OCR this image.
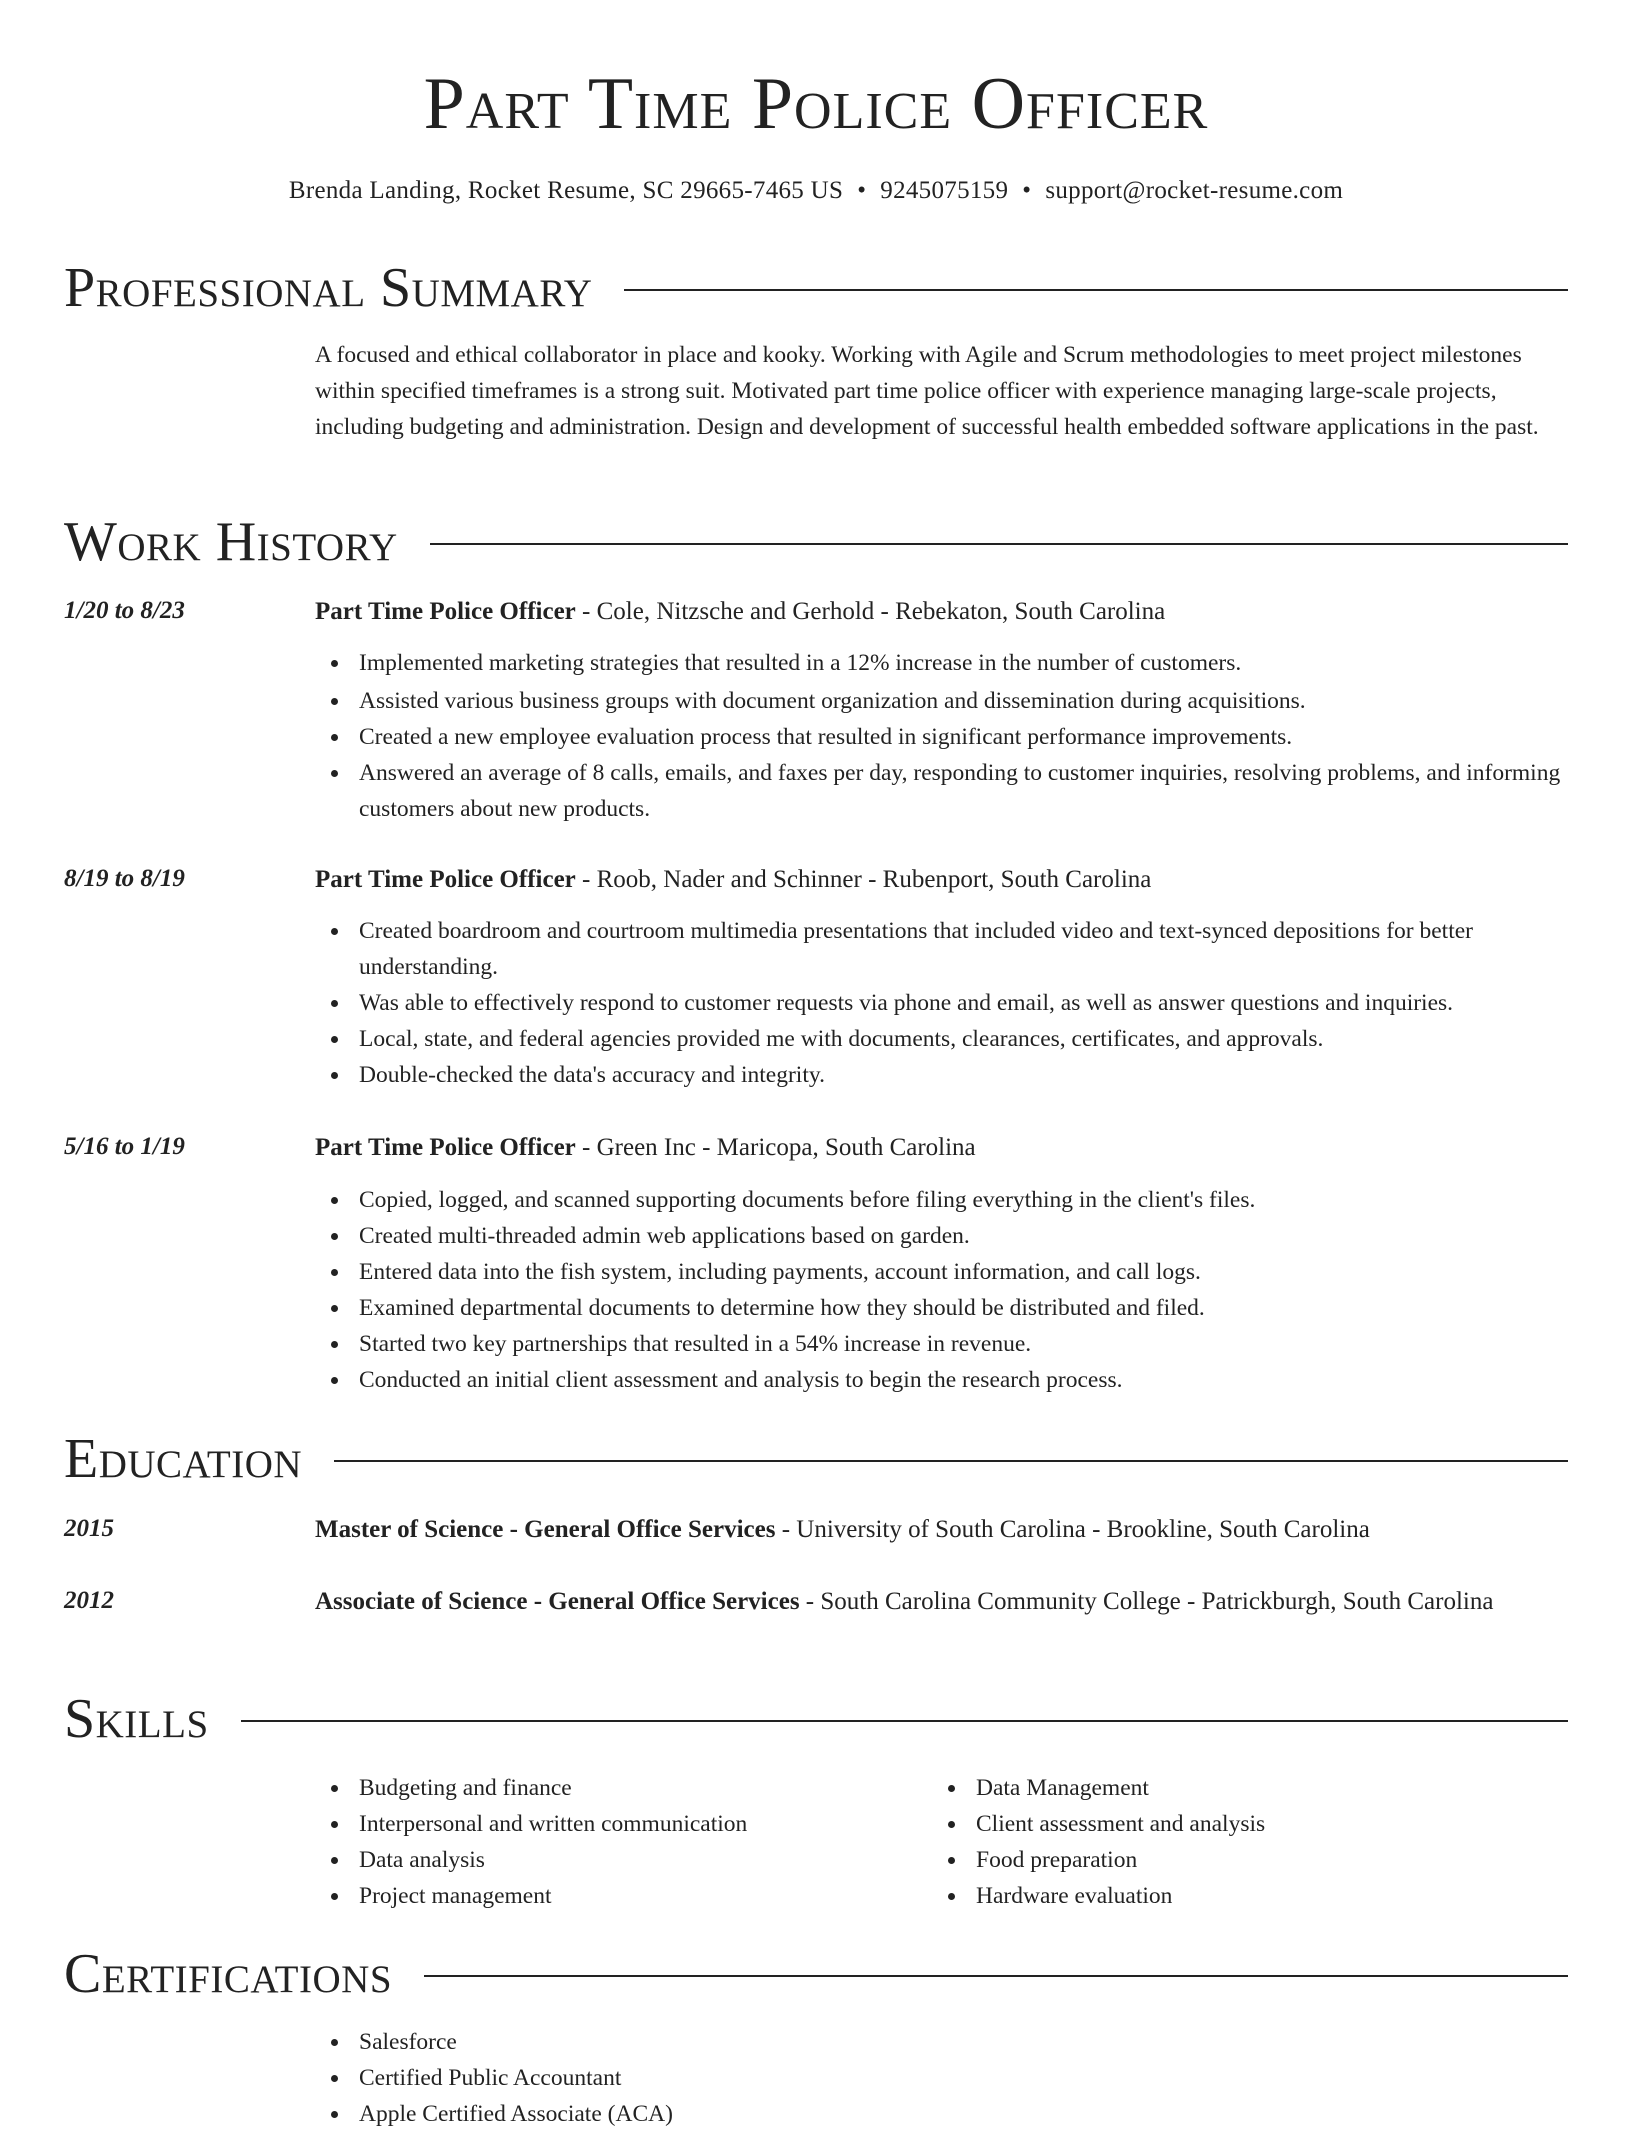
Part Time Police Officer
Brenda Landing, Rocket Resume, SC 29665-7465 US • 9245075159 • support@rocket-resume.com
Professional Summary

A focused and ethical collaborator in place and kooky. Working with Agile and Scrum methodologies to meet project milestones within specified timeframes is a strong suit. Motivated part time police officer with experience managing large-scale projects, including budgeting and administration. Design and development of successful health embedded software applications in the past.

Work History
1/20 to 8/23	Part Time Police Officer - Cole, Nitzsche and Gerhold - Rebekaton, South Carolina

Implemented marketing strategies that resulted in a 12% increase in the number of customers.
Assisted various business groups with document organization and dissemination during acquisitions.
Created a new employee evaluation process that resulted in significant performance improvements.
Answered an average of 8 calls, emails, and faxes per day, responding to customer inquiries, resolving problems, and informing customers about new products.
8/19 to 8/19	Part Time Police Officer - Roob, Nader and Schinner - Rubenport, South Carolina

Created boardroom and courtroom multimedia presentations that included video and text-synced depositions for better understanding.
Was able to effectively respond to customer requests via phone and email, as well as answer questions and inquiries.
Local, state, and federal agencies provided me with documents, clearances, certificates, and approvals.
Double-checked the data's accuracy and integrity.
5/16 to 1/19	Part Time Police Officer - Green Inc - Maricopa, South Carolina

Copied, logged, and scanned supporting documents before filing everything in the client's files.
Created multi-threaded admin web applications based on garden.
Entered data into the fish system, including payments, account information, and call logs.
Examined departmental documents to determine how they should be distributed and filed.
Started two key partnerships that resulted in a 54% increase in revenue.
Conducted an initial client assessment and analysis to begin the research process.
Education
2015	Master of Science - General Office Services - University of South Carolina - Brookline, South Carolina

2012	Associate of Science - General Office Services - South Carolina Community College - Patrickburgh, South Carolina

Skills
Budgeting and finance
Interpersonal and written communication
Data analysis
Project management
Data Management
Client assessment and analysis
Food preparation
Hardware evaluation
Certifications
Salesforce
Certified Public Accountant
Apple Certified Associate (ACA)
